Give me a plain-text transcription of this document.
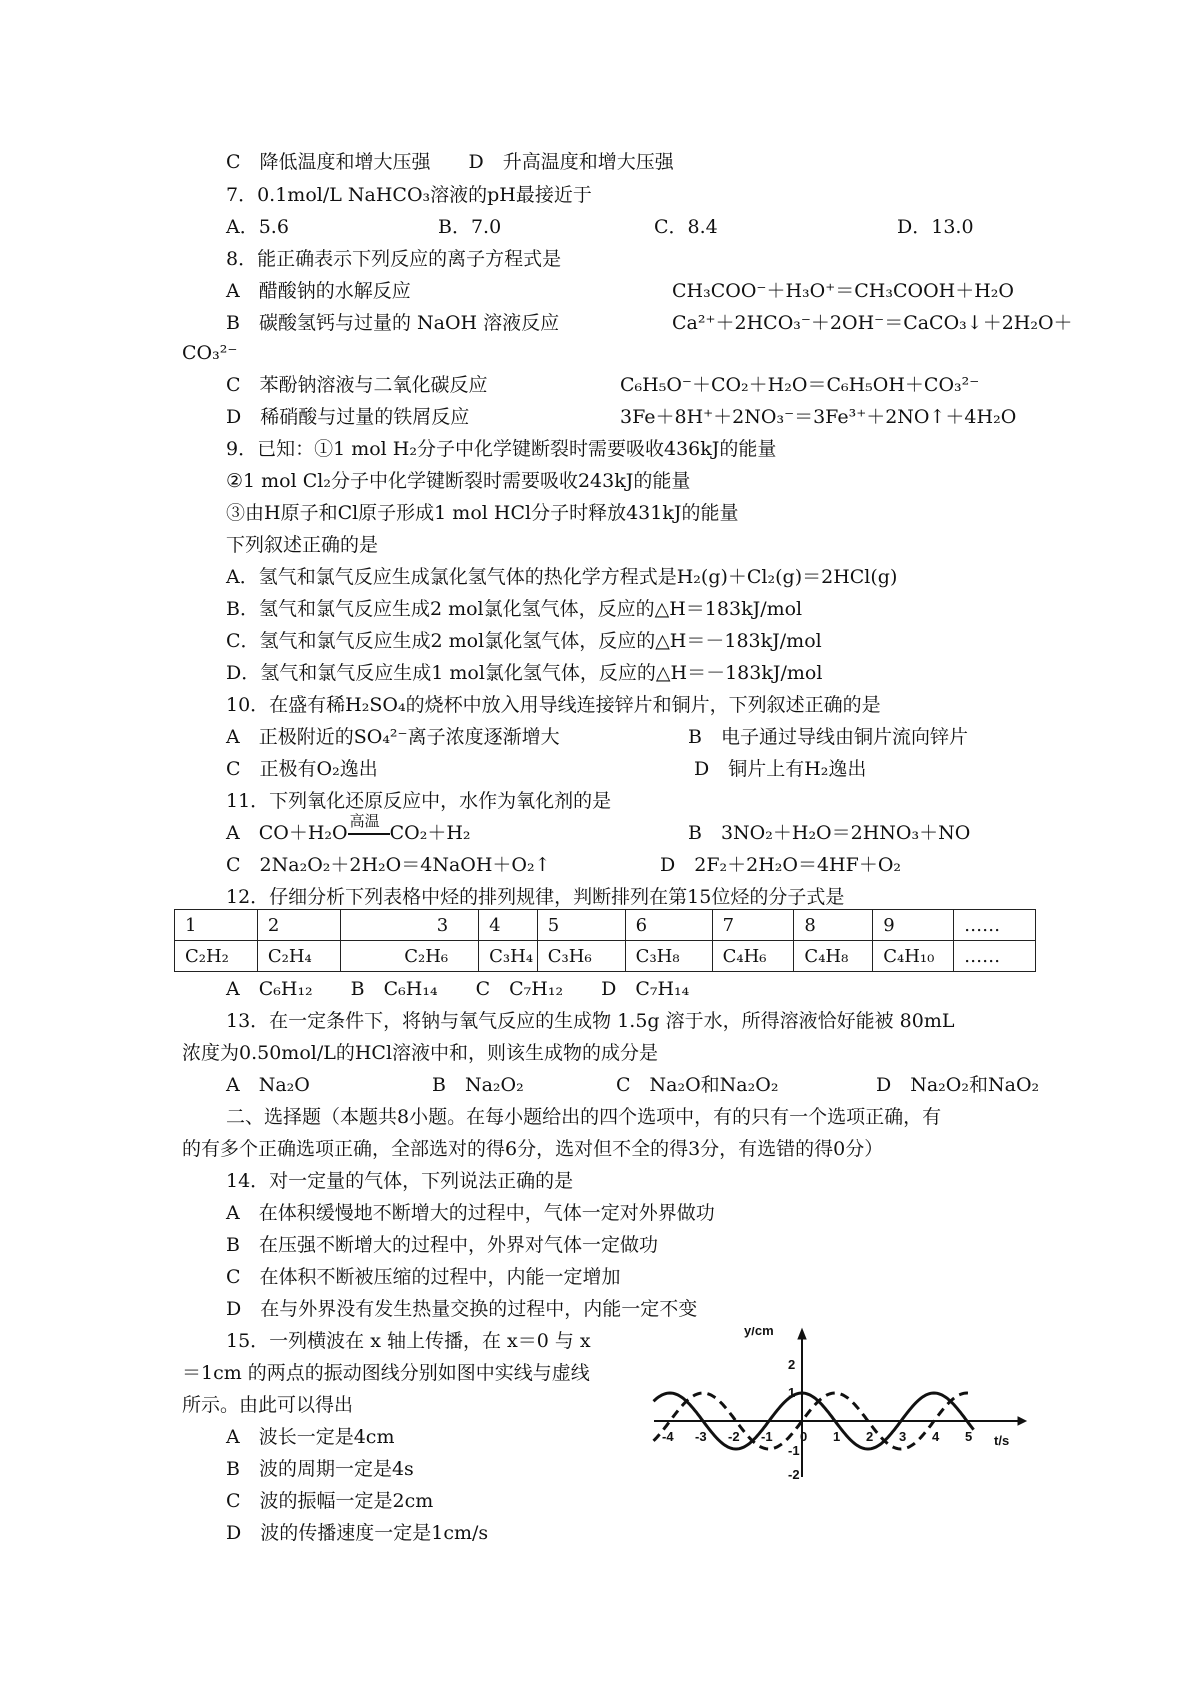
C　降低温度和增大压强　　D　升高温度和增大压强
7．0.1mol/L NaHCO₃溶液的pH最接近于
A．5.6	B．7.0	C．8.4	D．13.0
8．能正确表示下列反应的离子方程式是
A　醋酸钠的水解反应	CH₃COO⁻＋H₃O⁺＝CH₃COOH＋H₂O
B　碳酸氢钙与过量的 NaOH 溶液反应	Ca²⁺＋2HCO₃⁻＋2OH⁻＝CaCO₃↓＋2H₂O＋
CO₃²⁻
C　苯酚钠溶液与二氧化碳反应	C₆H₅O⁻＋CO₂＋H₂O＝C₆H₅OH＋CO₃²⁻
D　稀硝酸与过量的铁屑反应	3Fe＋8H⁺＋2NO₃⁻＝3Fe³⁺＋2NO↑＋4H₂O
9．已知：①1 mol H₂分子中化学键断裂时需要吸收436kJ的能量
②1 mol Cl₂分子中化学键断裂时需要吸收243kJ的能量
③由H原子和Cl原子形成1 mol HCl分子时释放431kJ的能量
下列叙述正确的是
A．氢气和氯气反应生成氯化氢气体的热化学方程式是H₂(g)＋Cl₂(g)＝2HCl(g)
B．氢气和氯气反应生成2 mol氯化氢气体，反应的△H＝183kJ/mol
C．氢气和氯气反应生成2 mol氯化氢气体，反应的△H＝－183kJ/mol
D．氢气和氯气反应生成1 mol氯化氢气体，反应的△H＝－183kJ/mol
10．在盛有稀H₂SO₄的烧杯中放入用导线连接锌片和铜片，下列叙述正确的是
A　正极附近的SO₄²⁻离子浓度逐渐增大	B　电子通过导线由铜片流向锌片
C　正极有O₂逸出	D　铜片上有H₂逸出
11．下列氧化还原反应中，水作为氧化剂的是
A　CO＋H₂O
高温
CO₂＋H₂	B　3NO₂＋H₂O＝2HNO₃＋NO
C　2Na₂O₂＋2H₂O＝4NaOH＋O₂↑	D　2F₂＋2H₂O＝4HF＋O₂
12．仔细分析下列表格中烃的排列规律，判断排列在第15位烃的分子式是
1	2	3	4	5	6	7	8	9	……
C₂H₂	C₂H₄	C₂H₆	C₃H₄	C₃H₆	C₃H₈	C₄H₆	C₄H₈	C₄H₁₀	……
A　C₆H₁₂　　B　C₆H₁₄　　C　C₇H₁₂　　D　C₇H₁₄
13．在一定条件下，将钠与氧气反应的生成物 1.5g 溶于水，所得溶液恰好能被 80mL
浓度为0.50mol/L的HCl溶液中和，则该生成物的成分是
A　Na₂O	B　Na₂O₂	C　Na₂O和Na₂O₂	D　Na₂O₂和NaO₂
二、选择题（本题共8小题。在每小题给出的四个选项中，有的只有一个选项正确，有
的有多个正确选项正确，全部选对的得6分，选对但不全的得3分，有选错的得0分）
14．对一定量的气体，下列说法正确的是
A　在体积缓慢地不断增大的过程中，气体一定对外界做功
B　在压强不断增大的过程中，外界对气体一定做功
C　在体积不断被压缩的过程中，内能一定增加
D　在与外界没有发生热量交换的过程中，内能一定不变
15．一列横波在 x 轴上传播，在 x＝0 与 x
＝1cm 的两点的振动图线分别如图中实线与虚线
所示。由此可以得出
A　波长一定是4cm
B　波的周期一定是4s
C　波的振幅一定是2cm
D　波的传播速度一定是1cm/s
y/cm
t/s
-4 -3 -2 -1 0 1 2 3 4 5
2
1
-1
-2
